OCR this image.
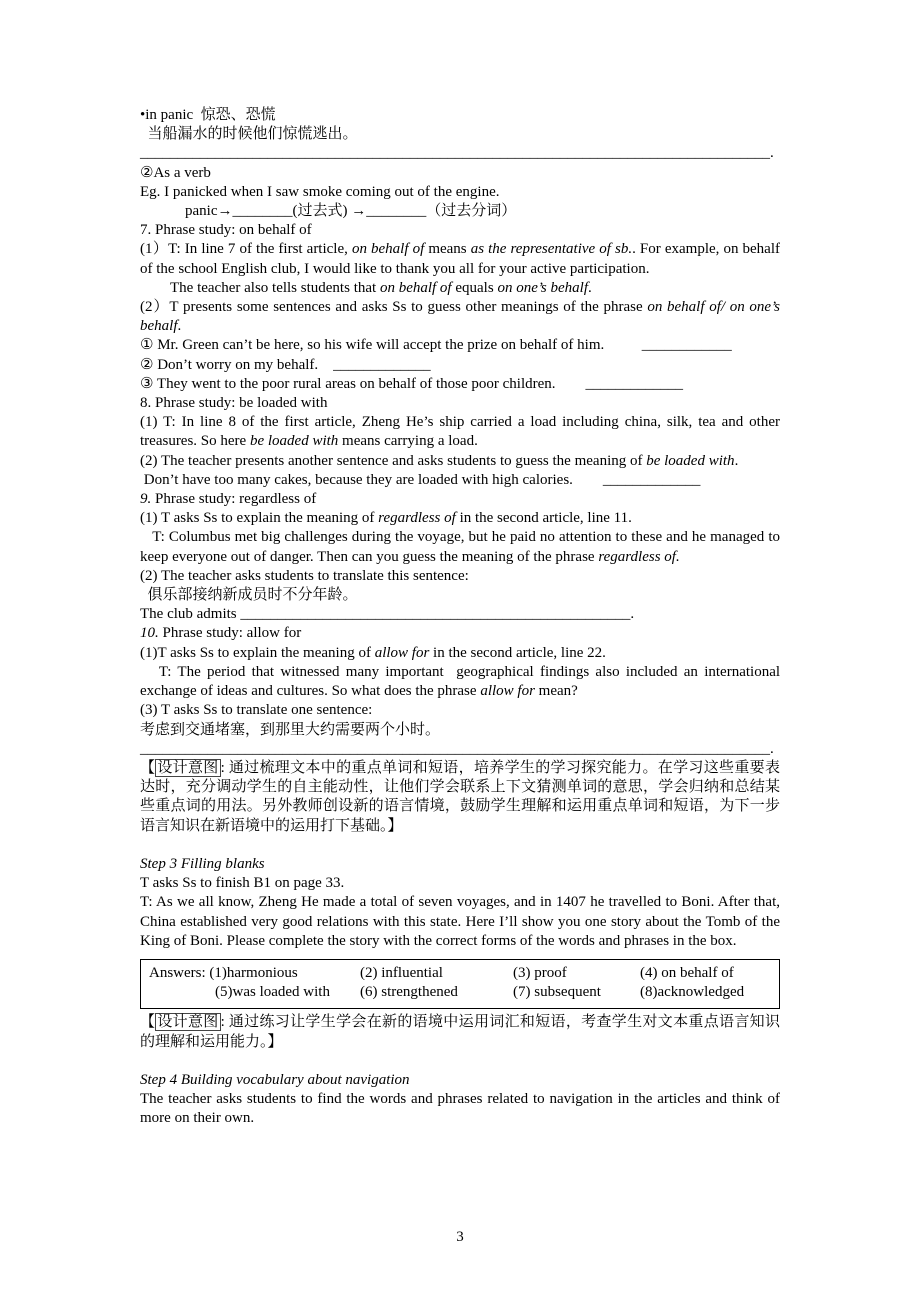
•in panic  惊恐、恐慌

当船漏水的时候他们惊慌逃出。

____________________________________________________________________________________.

②As a verb

Eg. I panicked when I saw smoke coming out of the engine.

panic→________(过去式) →________（过去分词）

7. Phrase study: on behalf of

(1）T: In line 7 of the first article, on behalf of means as the representative of sb.. For example, on behalf of the school English club, I would like to thank you all for your active participation.

The teacher also tells students that on behalf of equals on one’s behalf.

(2）T presents some sentences and asks Ss to guess other meanings of the phrase on behalf of/ on one’s behalf.

① Mr. Green can’t be here, so his wife will accept the prize on behalf of him.          ____________

② Don’t worry on my behalf.    _____________

③ They went to the poor rural areas on behalf of those poor children.        _____________

8. Phrase study: be loaded with

(1) T: In line 8 of the first article, Zheng He’s ship carried a load including china, silk, tea and other treasures. So here be loaded with means carrying a load.

(2) The teacher presents another sentence and asks students to guess the meaning of be loaded with.

Don’t have too many cakes, because they are loaded with high calories.        _____________

9. Phrase study: regardless of

(1) T asks Ss to explain the meaning of regardless of in the second article, line 11.

T: Columbus met big challenges during the voyage, but he paid no attention to these and he managed to keep everyone out of danger. Then can you guess the meaning of the phrase regardless of.

(2) The teacher asks students to translate this sentence:

俱乐部接纳新成员时不分年龄。

The club admits ____________________________________________________.

10. Phrase study: allow for

(1)T asks Ss to explain the meaning of allow for in the second article, line 22.

T: The period that witnessed many important  geographical findings also included an international exchange of ideas and cultures. So what does the phrase allow for mean?

(3) T asks Ss to translate one sentence:

考虑到交通堵塞，到那里大约需要两个小时。

____________________________________________________________________________________.

【 设计意图 : 通过梳理文本中的重点单词和短语，培养学生的学习探究能力。在学习这些重要表达时，充分调动学生的自主能动性，让他们学会联系上下文猜测单词的意思，学会归纳和总结某些重点词的用法。另外教师创设新的语言情境，鼓励学生理解和运用重点单词和短语，为下一步语言知识在新语境中的运用打下基础。】

Step 3 Filling blanks

T asks Ss to finish B1 on page 33.

T: As we all know, Zheng He made a total of seven voyages, and in 1407 he travelled to Boni. After that, China established very good relations with this state. Here I’ll show you one story about the Tomb of the King of Boni. Please complete the story with the correct forms of the words and phrases in the box.

Answers: (1)harmonious	(2) influential	(3) proof	(4) on behalf of
(5)was loaded with	(6) strengthened	(7) subsequent	(8)acknowledged

【 设计意图 : 通过练习让学生学会在新的语境中运用词汇和短语，考查学生对文本重点语言知识的理解和运用能力。】

Step 4 Building vocabulary about navigation

The teacher asks students to find the words and phrases related to navigation in the articles and think of more on their own.

3
